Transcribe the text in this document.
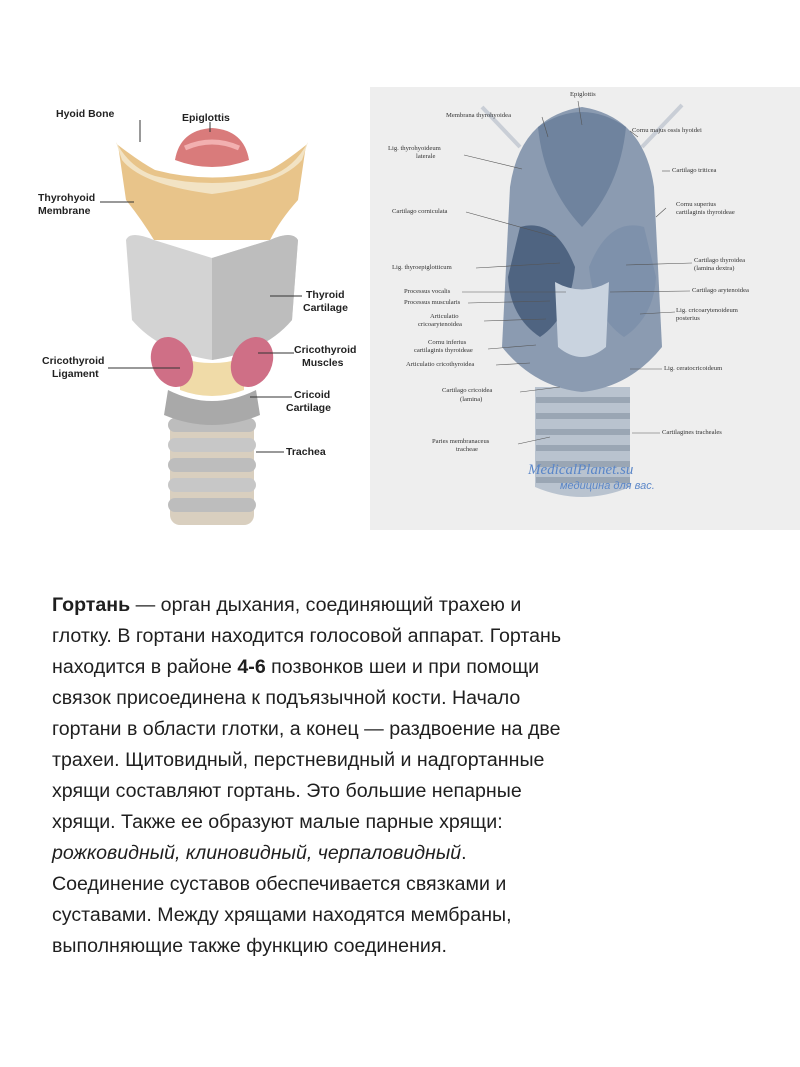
Hyoid Bone	Epiglottis
Thyrohyoid
Membrane
Thyroid
Cartilage
Cricothyroid
Ligament
Cricothyroid
Muscles
Cricoid
Cartilage
Trachea
Epiglottis
Membrana thyrohyoidea
Lig. thyrohyoideum
laterale
Cartilago corniculata
Lig. thyroepiglotticum
Processus vocalis
Processus muscularis
Articulatio
cricoarytenoidea
Cornu inferius
cartilaginis thyroideae
Articulatio cricothyroidea
Cartilago cricoidea
(lamina)
Paries membranaceus
tracheae
Cornu majus ossis hyoidei
Cartilago triticea
Cornu superius
cartilaginis thyroideae
Cartilago thyroidea
(lamina dextra)
Cartilago arytenoidea
Lig. cricoarytenoideum
posterius
Lig. ceratocricoideum
Cartilagines tracheales
MedicalPlanet.su
медицина для вас.
Гортань — орган дыхания, соединяющий трахею и
глотку. В гортани находится голосовой аппарат. Гортань
находится в районе 4-6 позвонков шеи и при помощи
связок присоединена к подъязычной кости. Начало
гортани в области глотки, а конец — раздвоение на две
трахеи. Щитовидный, перстневидный и надгортанные
хрящи составляют гортань. Это большие непарные
хрящи. Также ее образуют малые парные хрящи:
рожковидный, клиновидный, черпаловидный.
Соединение суставов обеспечивается связками и
суставами. Между хрящами находятся мембраны,
выполняющие также функцию соединения.
